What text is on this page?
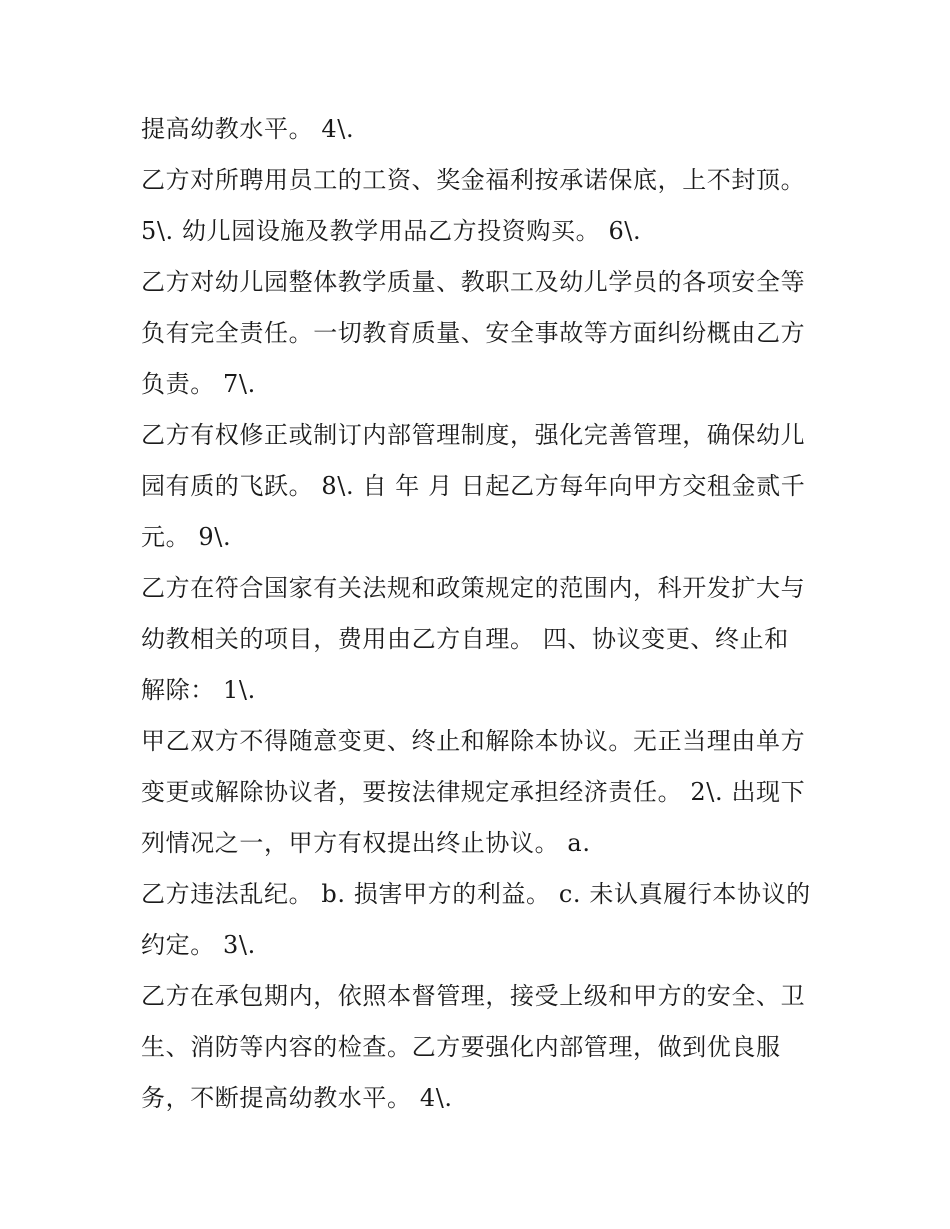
提高幼教水平。 4\.
乙方对所聘用员工的工资、奖金福利按承诺保底，上不封顶。
5\. 幼儿园设施及教学用品乙方投资购买。 6\.
乙方对幼儿园整体教学质量、教职工及幼儿学员的各项安全等
负有完全责任。一切教育质量、安全事故等方面纠纷概由乙方
负责。 7\.
乙方有权修正或制订内部管理制度，强化完善管理，确保幼儿
园有质的飞跃。 8\. 自 年 月 日起乙方每年向甲方交租金贰千
元。 9\.
乙方在符合国家有关法规和政策规定的范围内，科开发扩大与
幼教相关的项目，费用由乙方自理。 四、协议变更、终止和
解除： 1\.
甲乙双方不得随意变更、终止和解除本协议。无正当理由单方
变更或解除协议者，要按法律规定承担经济责任。 2\. 出现下
列情况之一，甲方有权提出终止协议。 a.
乙方违法乱纪。 b. 损害甲方的利益。 c. 未认真履行本协议的
约定。 3\.
乙方在承包期内，依照本督管理，接受上级和甲方的安全、卫
生、消防等内容的检查。乙方要强化内部管理，做到优良服
务，不断提高幼教水平。 4\.
